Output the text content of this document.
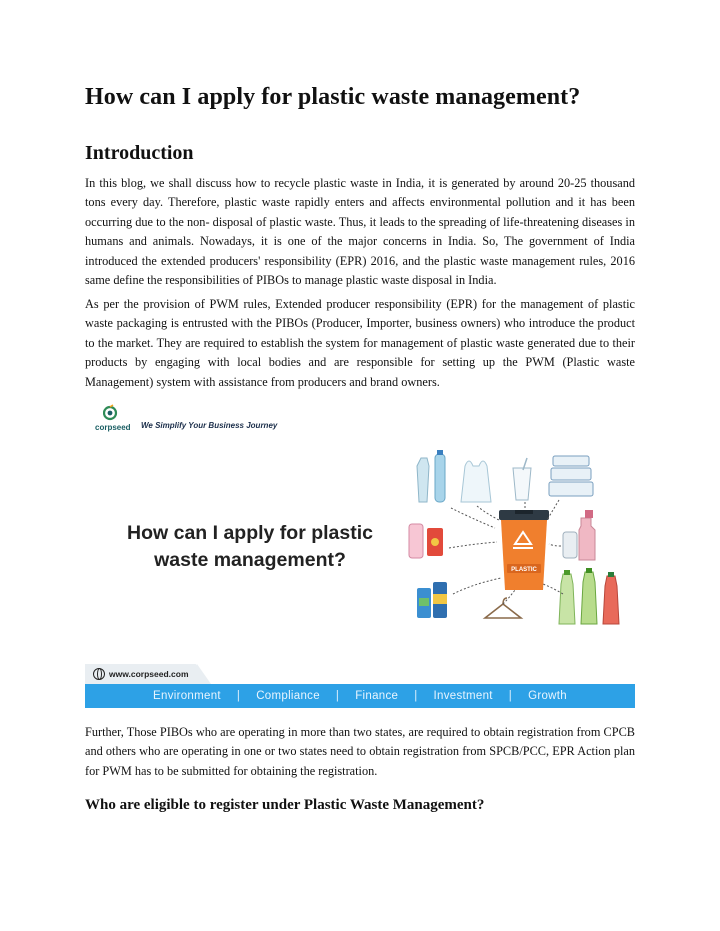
How can I apply for plastic waste management?
Introduction

In this blog, we shall discuss how to recycle plastic waste in India, it is generated by around 20-25 thousand tons every day. Therefore, plastic waste rapidly enters and affects environmental pollution and it has been occurring due to the non- disposal of plastic waste. Thus, it leads to the spreading of life-threatening diseases in humans and animals. Nowadays, it is one of the major concerns in India. So, The government of India introduced the extended producers' responsibility (EPR) 2016, and the plastic waste management rules, 2016 same define the responsibilities of PIBOs to manage plastic waste disposal in India.

As per the provision of PWM rules, Extended producer responsibility (EPR) for the management of plastic waste packaging is entrusted with the PIBOs (Producer, Importer, business owners) who introduce the product to the market. They are required to establish the system for management of plastic waste generated due to their products by engaging with local bodies and are responsible for setting up the PWM (Plastic waste Management) system with assistance from producers and brand owners.

corpseed We Simplify Your Business Journey
How can I apply for plastic
waste management?	PLASTIC
www.corpseed.com
Environment | Compliance | Finance | Investment | Growth

Further, Those PIBOs who are operating in more than two states, are required to obtain registration from CPCB and others who are operating in one or two states need to obtain registration from SPCB/PCC, EPR Action plan for PWM has to be submitted for obtaining the registration.

Who are eligible to register under Plastic Waste Management?
